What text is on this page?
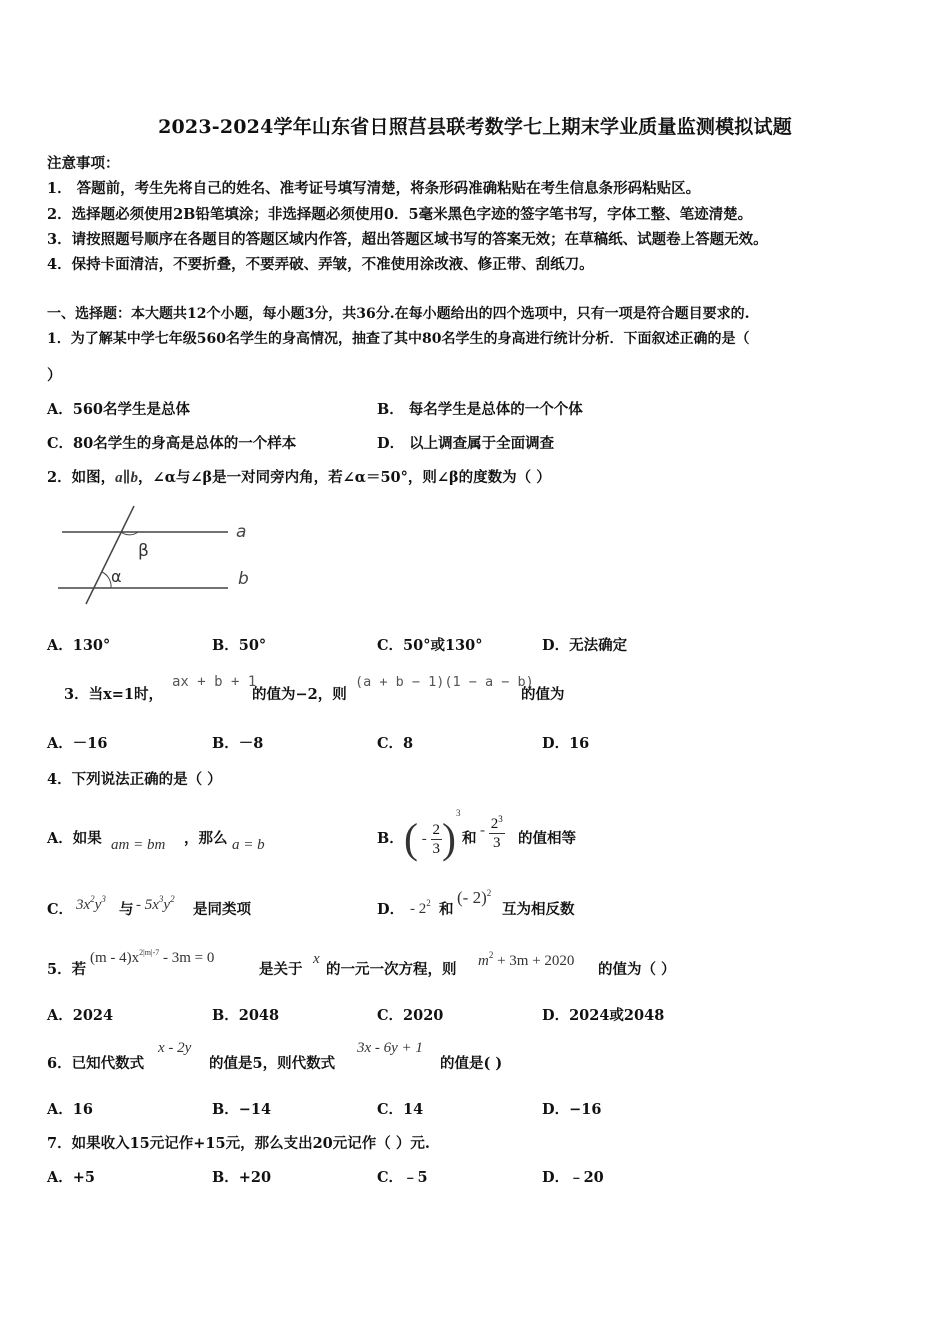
2023-2024学年山东省日照莒县联考数学七上期末学业质量监测模拟试题
注意事项：
1． 答题前，考生先将自己的姓名、准考证号填写清楚，将条形码准确粘贴在考生信息条形码粘贴区。
2．选择题必须使用2B铅笔填涂；非选择题必须使用0．5毫米黑色字迹的签字笔书写，字体工整、笔迹清楚。
3．请按照题号顺序在各题目的答题区域内作答，超出答题区域书写的答案无效；在草稿纸、试题卷上答题无效。
4．保持卡面清洁，不要折叠，不要弄破、弄皱，不准使用涂改液、修正带、刮纸刀。
一、选择题：本大题共12个小题，每小题3分，共36分.在每小题给出的四个选项中，只有一项是符合题目要求的.
1．为了解某中学七年级560名学生的身高情况，抽查了其中80名学生的身高进行统计分析．下面叙述正确的是（
）
A．560名学生是总体	B． 每名学生是总体的一个个体
C．80名学生的身高是总体的一个样本	D． 以上调查属于全面调查
2．如图，a∥b，∠α与∠β是一对同旁内角，若∠α＝50°，则∠β的度数为（ ）
β
α
a
b
A．130°	B．50°	C．50°或130°	D．无法确定
3．当x=1时，
ax + b + 1
的值为−2，则
(a + b − 1)(1 − a − b)
的值为
A．－16	B．－8	C．8	D．16
4．下列说法正确的是（ ）
A．如果 am = bm ，那么 a = b	B． ( - $\frac{2}{3} )^3$
和 - $\frac{2^3}{3}$ 的值相等
C． $3x^2y^3$
与 - $5x^3y^2$
是同类项	D． - $2^2$ 和
(- 2)$^2$
互为相反数
5．若
$(m - 4)x^{2|m|-7} - 3m = 0$
是关于
x
的一元一次方程，则 $m^2 + 3m + 2020$ 的值为（ ）
A．2024	B．2048	C．2020	D．2024或2048
6．已知代数式
x - 2y
的值是5，则代数式
3x - 6y + 1
的值是( )
A．16	B．−14	C．14	D．−16
7．如果收入15元记作+15元，那么支出20元记作（ ）元.
A．+5	B．+20	C．﹣5	D．﹣20
